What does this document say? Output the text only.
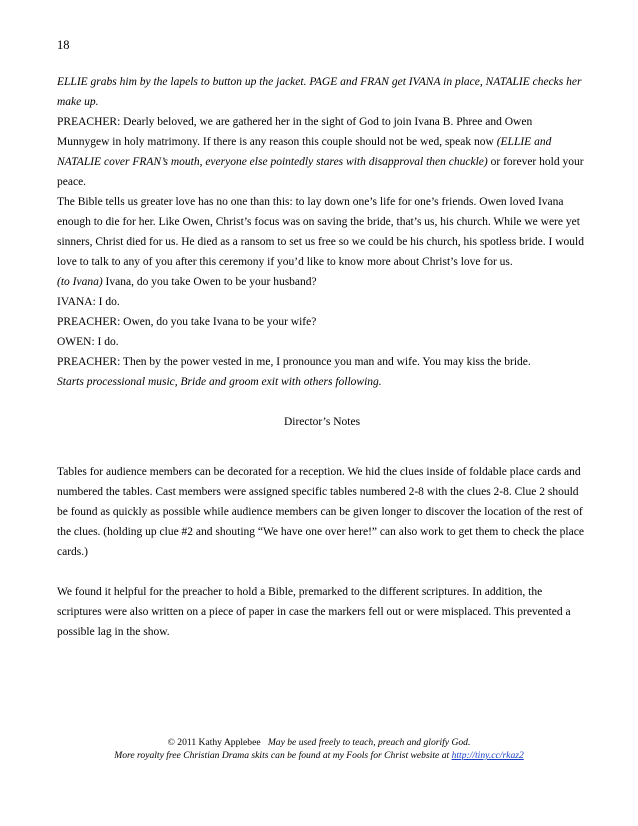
18

ELLIE grabs him by the lapels to button up the jacket. PAGE and FRAN get IVANA in place, NATALIE checks her make up.

PREACHER: Dearly beloved, we are gathered her in the sight of God to join Ivana B. Phree and Owen Munnygew in holy matrimony. If there is any reason this couple should not be wed, speak now (ELLIE and NATALIE cover FRAN’s mouth, everyone else pointedly stares with disapproval then chuckle) or forever hold your peace.

The Bible tells us greater love has no one than this: to lay down one’s life for one’s friends. Owen loved Ivana enough to die for her. Like Owen, Christ’s focus was on saving the bride, that’s us, his church. While we were yet sinners, Christ died for us. He died as a ransom to set us free so we could be his church, his spotless bride. I would love to talk to any of you after this ceremony if you’d like to know more about Christ’s love for us.

(to Ivana) Ivana, do you take Owen to be your husband?

IVANA: I do.

PREACHER: Owen, do you take Ivana to be your wife?

OWEN: I do.

PREACHER: Then by the power vested in me, I pronounce you man and wife. You may kiss the bride.

Starts processional music, Bride and groom exit with others following.

Director’s Notes

Tables for audience members can be decorated for a reception. We hid the clues inside of foldable place cards and numbered the tables. Cast members were assigned specific tables numbered 2-8 with the clues 2-8. Clue 2 should be found as quickly as possible while audience members can be given longer to discover the location of the rest of the clues. (holding up clue #2 and shouting “We have one over here!” can also work to get them to check the place cards.)

We found it helpful for the preacher to hold a Bible, premarked to the different scriptures. In addition, the scriptures were also written on a piece of paper in case the markers fell out or were misplaced. This prevented a possible lag in the show.

© 2011 Kathy Applebee May be used freely to teach, preach and glorify God.
More royalty free Christian Drama skits can be found at my Fools for Christ website at http://tiny.cc/rkaz2
